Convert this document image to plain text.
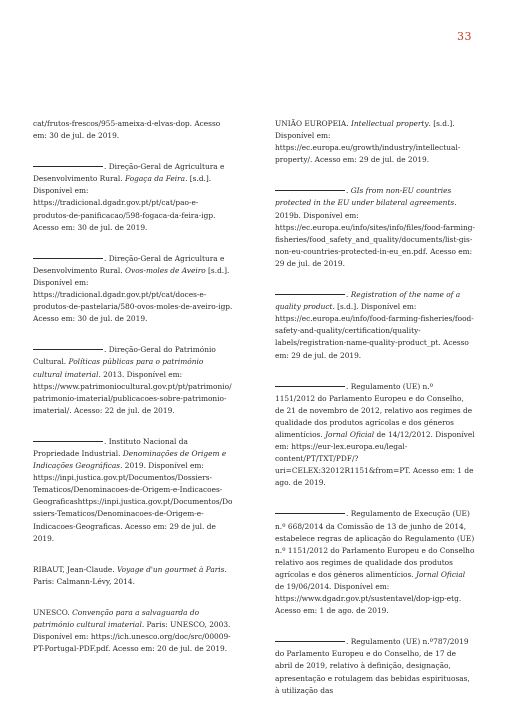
33

cat/frutos-frescos/955-ameixa-d-elvas-dop. Acesso em: 30 de jul. de 2019.

. Direção-Geral de Agricultura e Desenvolvimento Rural. Fogaça da Feira. [s.d.]. Disponível em: https://tradicional.dgadr.gov.pt/pt/cat/pao-e-produtos-de-panificacao/598-fogaca-da-feira-igp. Acesso em: 30 de jul. de 2019.

. Direção-Geral de Agricultura e Desenvolvimento Rural. Ovos-moles de Aveiro [s.d.]. Disponível em: https://tradicional.dgadr.gov.pt/pt/cat/doces-e-produtos-de-pastelaria/580-ovos-moles-de-aveiro-igp. Acesso em: 30 de jul. de 2019.

. Direção-Geral do Património Cultural. Políticas públicas para o património cultural imaterial. 2013. Disponível em: https://www.patrimoniocultural.gov.pt/pt/patrimonio/patrimonio-imaterial/publicacoes-sobre-patrimonio-imaterial/. Acesso: 22 de jul. de 2019.

. Instituto Nacional da Propriedade Industrial. Denominações de Origem e Indicações Geográficas. 2019. Disponível em: https://inpi.justica.gov.pt/Documentos/Dossiers-Tematicos/Denominacoes-de-Origem-e-Indicacoes-Geograficashttps://inpi.justica.gov.pt/Documentos/Dossiers-Tematicos/Denominacoes-de-Origem-e-Indicacoes-Geograficas. Acesso em: 29 de jul. de 2019.

RIBAUT, Jean-Claude. Voyage d'un gourmet à Paris. Paris: Calmann-Lévy, 2014.

UNESCO. Convenção para a salvaguarda do património cultural imaterial. Paris: UNESCO, 2003. Disponível em: https://ich.unesco.org/doc/src/00009-PT-Portugal-PDF.pdf. Acesso em: 20 de jul. de 2019.

UNIÃO EUROPEIA. Intellectual property. [s.d.]. Disponível em: https://ec.europa.eu/growth/industry/intellectual-property/. Acesso em: 29 de jul. de 2019.

. GIs from non-EU countries protected in the EU under bilateral agreements. 2019b. Disponível em: https://ec.europa.eu/info/sites/info/files/food-farming-fisheries/food_safety_and_quality/documents/list-gis-non-eu-countries-protected-in-eu_en.pdf. Acesso em: 29 de jul. de 2019.

. Registration of the name of a quality product. [s.d.]. Disponível em: https://ec.europa.eu/info/food-farming-fisheries/food-safety-and-quality/certification/quality-labels/registration-name-quality-product_pt. Acesso em: 29 de jul. de 2019.

. Regulamento (UE) n.º 1151/2012 do Parlamento Europeu e do Conselho, de 21 de novembro de 2012, relativo aos regimes de qualidade dos produtos agrícolas e dos géneros alimentícios. Jornal Oficial de 14/12/2012. Disponível em: https://eur-lex.europa.eu/legal-content/PT/TXT/PDF/?uri=CELEX:32012R1151&from=PT. Acesso em: 1 de ago. de 2019.

. Regulamento de Execução (UE) n.º 668/2014 da Comissão de 13 de junho de 2014, estabelece regras de aplicação do Regulamento (UE) n.º 1151/2012 do Parlamento Europeu e do Conselho relativo aos regimes de qualidade dos produtos agrícolas e dos géneros alimentícios. Jornal Oficial de 19/06/2014. Disponível em: https://www.dgadr.gov.pt/sustentavel/dop-igp-etg. Acesso em: 1 de ago. de 2019.

. Regulamento (UE) n.º787/2019 do Parlamento Europeu e do Conselho, de 17 de abril de 2019, relativo à definição, designação, apresentação e rotulagem das bebidas espirituosas, à utilização das
